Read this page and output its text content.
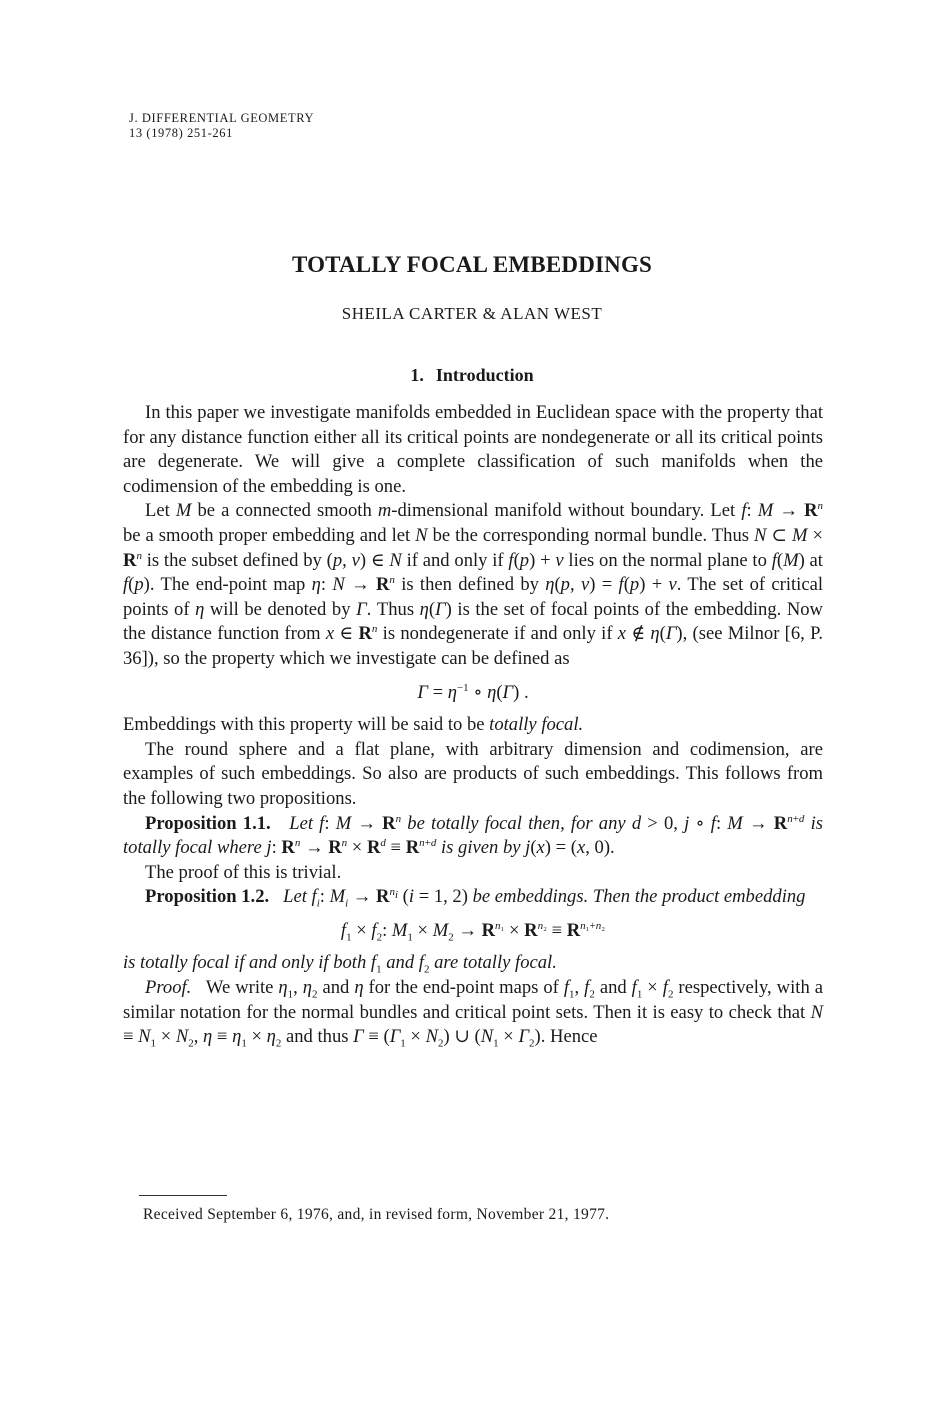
J. DIFFERENTIAL GEOMETRY
13 (1978) 251-261
TOTALLY FOCAL EMBEDDINGS
SHEILA CARTER & ALAN WEST
1. Introduction

In this paper we investigate manifolds embedded in Euclidean space with the property that for any distance function either all its critical points are nondegenerate or all its critical points are degenerate. We will give a complete classification of such manifolds when the codimension of the embedding is one.

Let M be a connected smooth m-dimensional manifold without boundary. Let f: $M \to R^n$ be a smooth proper embedding and let N be the corresponding normal bundle. Thus N ⊂ $M \times R^n$ is the subset defined by (p, v) ∈ N if and only if f(p) + v lies on the normal plane to f(M) at f(p). The end-point map η: $N \to R^n$ is then defined by η(p, v) = f(p) + v. The set of critical points of η will be denoted by Γ. Thus η(Γ) is the set of focal points of the embedding. Now the distance function from x ∈ $R^n$ is nondegenerate if and only if x ∉ η(Γ), (see Milnor [6, P. 36]), so the property which we investigate can be defined as

$\Gamma = \eta^{-1}$ ∘ η(Γ) .

Embeddings with this property will be said to be totally focal.

The round sphere and a flat plane, with arbitrary dimension and codimension, are examples of such embeddings. So also are products of such embeddings. This follows from the following two propositions.

Proposition 1.1. Let f: $M \to R^n$ be totally focal then, for any d > 0, j ∘ f: $M \to R^{n+d}$ is totally focal where j: $R^n \to R^n \times R^d \equiv R^{n+d}$ is given by j(x) = (x, 0).

The proof of this is trivial.

Proposition 1.2. Let $f_i$: $M_i \to R^{n_i}$ (i = 1, 2) be embeddings. Then the product embedding

$f_1 \times f_2$: $M_1 \times M_2 \to R^{n_1} \times R^{n_2} \equiv R^{n_1+n_2}$

is totally focal if and only if both $f_1$ and $f_2$ are totally focal.

Proof.   We write $\eta_1$, $\eta_2$ and η for the end-point maps of $f_1$, $f_2$ and $f_1 \times f_2$ respectively, with a similar notation for the normal bundles and critical point sets. Then it is easy to check that $N \equiv N_1 \times N_2$, $\eta \equiv \eta_1 \times \eta_2$ and thus $\Gamma \equiv (\Gamma_1 \times N_2)$ ∪ $(N_1 \times \Gamma_2)$. Hence

Received September 6, 1976, and, in revised form, November 21, 1977.
